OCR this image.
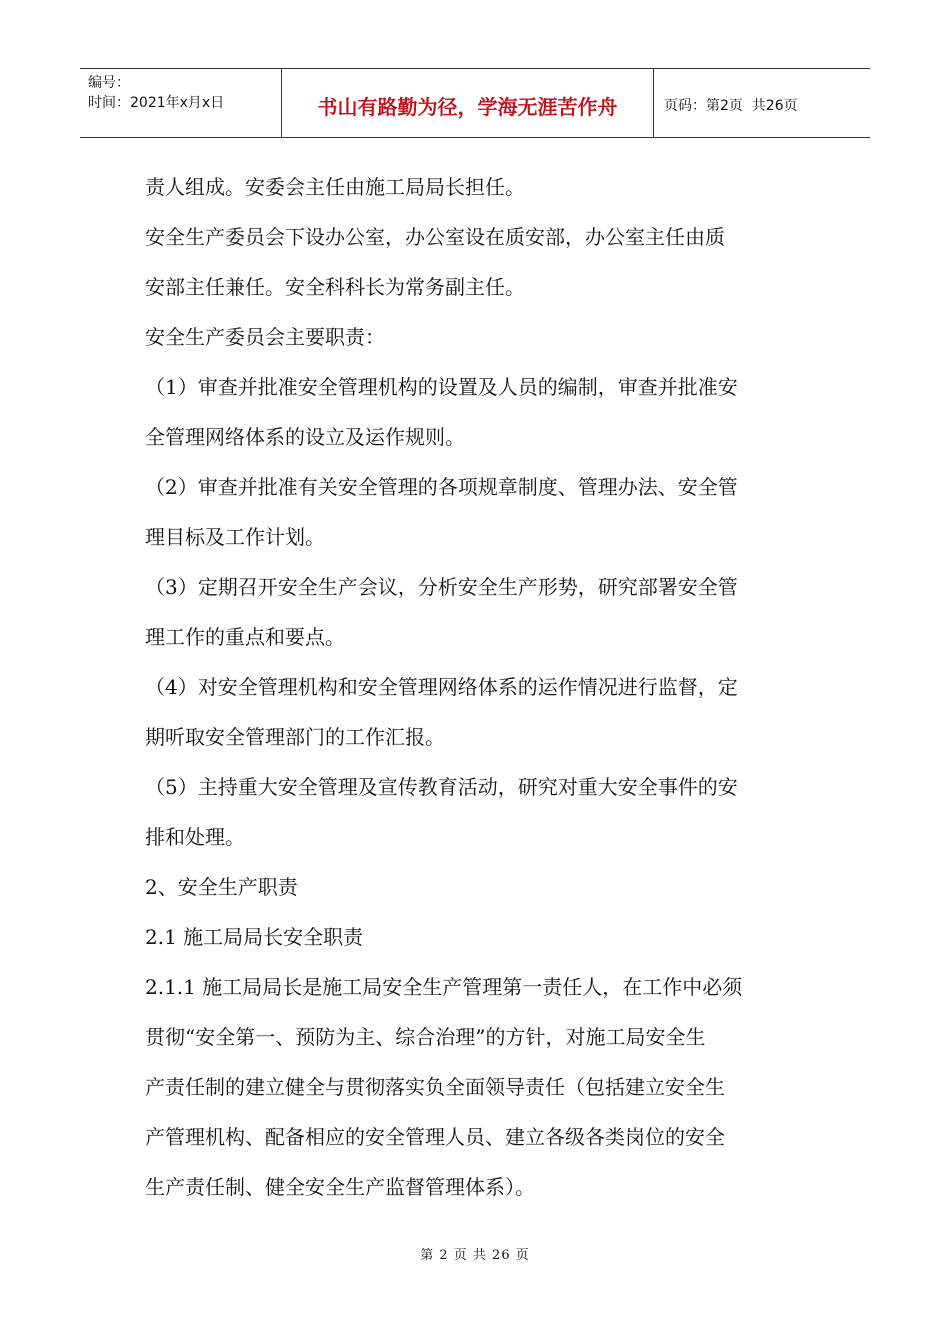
编号：
时间：2021年x月x日	书山有路勤为径，学海无涯苦作舟	页码：第2页  共26页
责人组成。安委会主任由施工局局长担任。
安全生产委员会下设办公室，办公室设在质安部，办公室主任由质
安部主任兼任。安全科科长为常务副主任。
安全生产委员会主要职责：
（1）审查并批准安全管理机构的设置及人员的编制，审查并批准安
全管理网络体系的设立及运作规则。
（2）审查并批准有关安全管理的各项规章制度、管理办法、安全管
理目标及工作计划。
（3）定期召开安全生产会议，分析安全生产形势，研究部署安全管
理工作的重点和要点。
（4）对安全管理机构和安全管理网络体系的运作情况进行监督，定
期听取安全管理部门的工作汇报。
（5）主持重大安全管理及宣传教育活动，研究对重大安全事件的安
排和处理。
2、安全生产职责
2.1 施工局局长安全职责
2.1.1 施工局局长是施工局安全生产管理第一责任人，在工作中必须
贯彻“安全第一、预防为主、综合治理”的方针，对施工局安全生
产责任制的建立健全与贯彻落实负全面领导责任（包括建立安全生
产管理机构、配备相应的安全管理人员、建立各级各类岗位的安全
生产责任制、健全安全生产监督管理体系）。
第 2 页 共 26 页
